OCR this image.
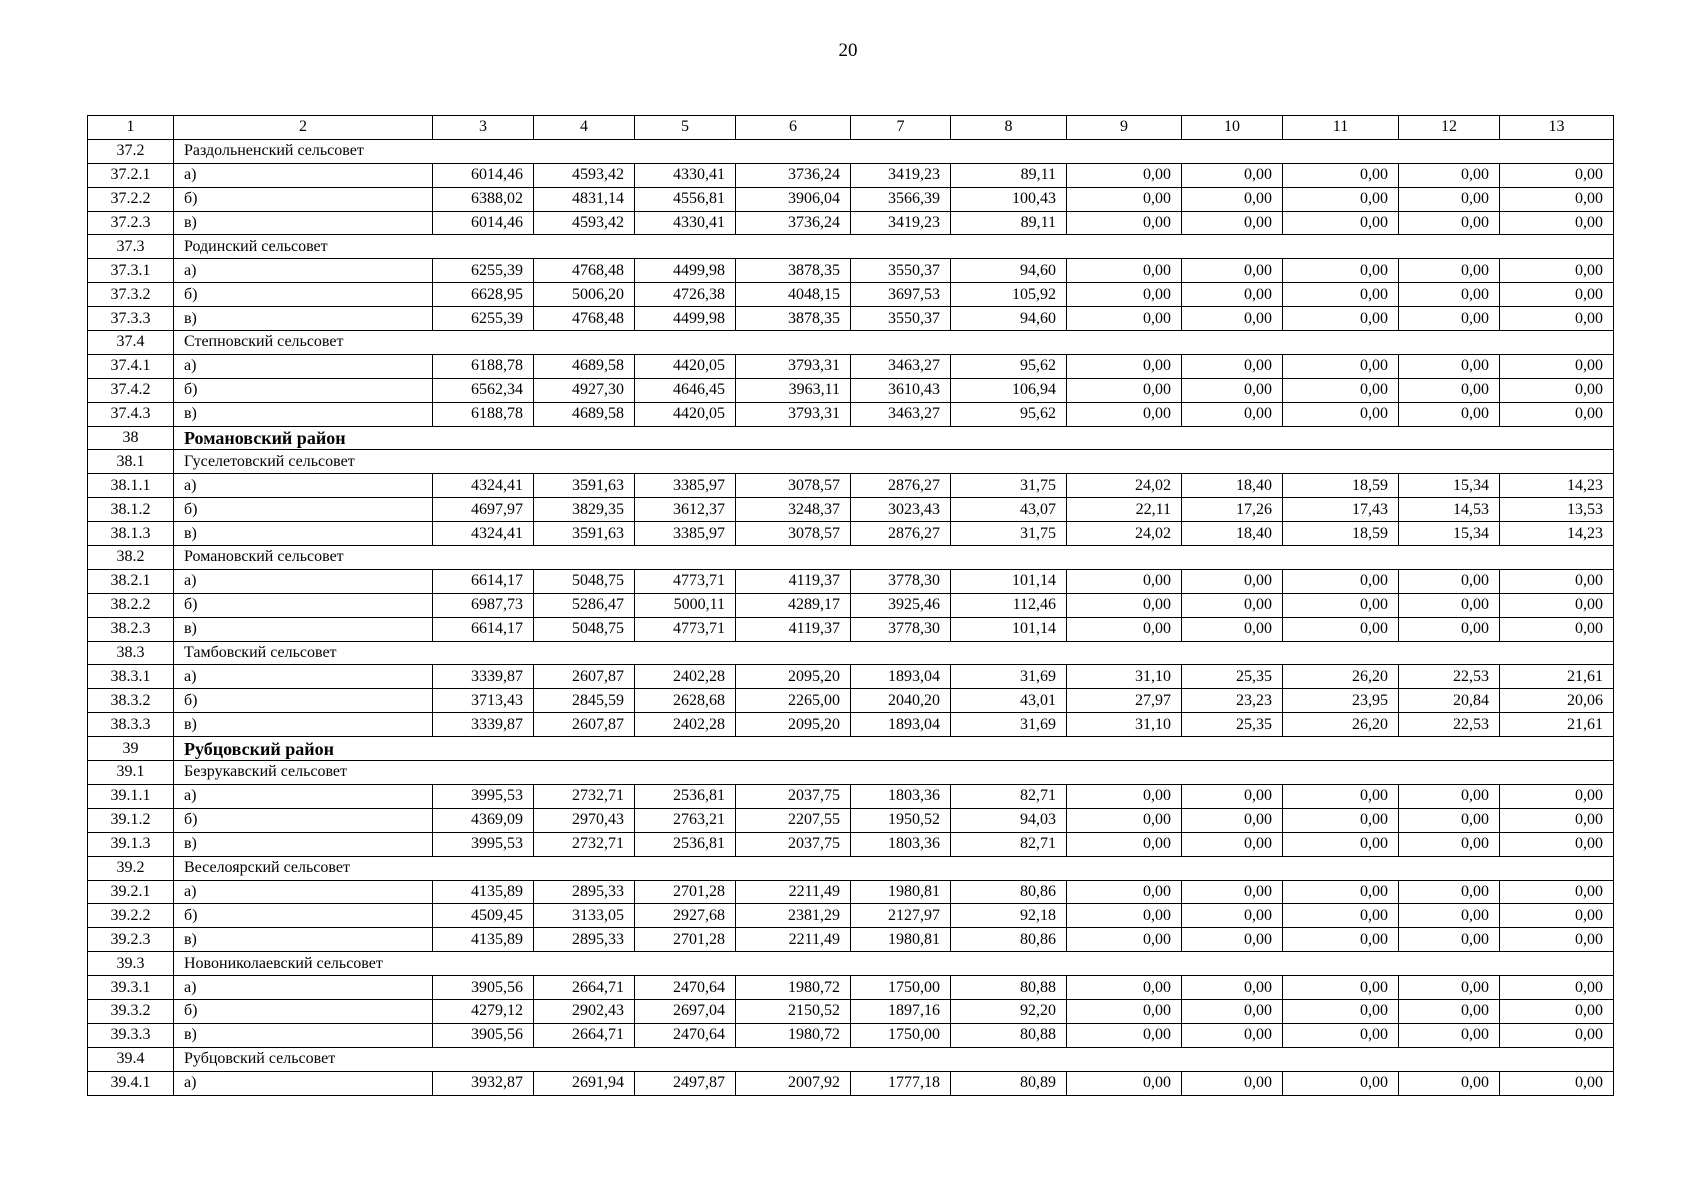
20
1	2	3	4	5	6	7	8	9	10	11	12	13
37.2	Раздольненский сельсовет											
37.2.1	а)	6014,46	4593,42	4330,41	3736,24	3419,23	89,11	0,00	0,00	0,00	0,00	0,00
37.2.2	б)	6388,02	4831,14	4556,81	3906,04	3566,39	100,43	0,00	0,00	0,00	0,00	0,00
37.2.3	в)	6014,46	4593,42	4330,41	3736,24	3419,23	89,11	0,00	0,00	0,00	0,00	0,00
37.3	Родинский сельсовет											
37.3.1	а)	6255,39	4768,48	4499,98	3878,35	3550,37	94,60	0,00	0,00	0,00	0,00	0,00
37.3.2	б)	6628,95	5006,20	4726,38	4048,15	3697,53	105,92	0,00	0,00	0,00	0,00	0,00
37.3.3	в)	6255,39	4768,48	4499,98	3878,35	3550,37	94,60	0,00	0,00	0,00	0,00	0,00
37.4	Степновский сельсовет											
37.4.1	а)	6188,78	4689,58	4420,05	3793,31	3463,27	95,62	0,00	0,00	0,00	0,00	0,00
37.4.2	б)	6562,34	4927,30	4646,45	3963,11	3610,43	106,94	0,00	0,00	0,00	0,00	0,00
37.4.3	в)	6188,78	4689,58	4420,05	3793,31	3463,27	95,62	0,00	0,00	0,00	0,00	0,00
38	Романовский район											
38.1	Гуселетовский сельсовет											
38.1.1	а)	4324,41	3591,63	3385,97	3078,57	2876,27	31,75	24,02	18,40	18,59	15,34	14,23
38.1.2	б)	4697,97	3829,35	3612,37	3248,37	3023,43	43,07	22,11	17,26	17,43	14,53	13,53
38.1.3	в)	4324,41	3591,63	3385,97	3078,57	2876,27	31,75	24,02	18,40	18,59	15,34	14,23
38.2	Романовский сельсовет											
38.2.1	а)	6614,17	5048,75	4773,71	4119,37	3778,30	101,14	0,00	0,00	0,00	0,00	0,00
38.2.2	б)	6987,73	5286,47	5000,11	4289,17	3925,46	112,46	0,00	0,00	0,00	0,00	0,00
38.2.3	в)	6614,17	5048,75	4773,71	4119,37	3778,30	101,14	0,00	0,00	0,00	0,00	0,00
38.3	Тамбовский сельсовет											
38.3.1	а)	3339,87	2607,87	2402,28	2095,20	1893,04	31,69	31,10	25,35	26,20	22,53	21,61
38.3.2	б)	3713,43	2845,59	2628,68	2265,00	2040,20	43,01	27,97	23,23	23,95	20,84	20,06
38.3.3	в)	3339,87	2607,87	2402,28	2095,20	1893,04	31,69	31,10	25,35	26,20	22,53	21,61
39	Рубцовский район											
39.1	Безрукавский сельсовет											
39.1.1	а)	3995,53	2732,71	2536,81	2037,75	1803,36	82,71	0,00	0,00	0,00	0,00	0,00
39.1.2	б)	4369,09	2970,43	2763,21	2207,55	1950,52	94,03	0,00	0,00	0,00	0,00	0,00
39.1.3	в)	3995,53	2732,71	2536,81	2037,75	1803,36	82,71	0,00	0,00	0,00	0,00	0,00
39.2	Веселоярский сельсовет											
39.2.1	а)	4135,89	2895,33	2701,28	2211,49	1980,81	80,86	0,00	0,00	0,00	0,00	0,00
39.2.2	б)	4509,45	3133,05	2927,68	2381,29	2127,97	92,18	0,00	0,00	0,00	0,00	0,00
39.2.3	в)	4135,89	2895,33	2701,28	2211,49	1980,81	80,86	0,00	0,00	0,00	0,00	0,00
39.3	Новониколаевский сельсовет											
39.3.1	а)	3905,56	2664,71	2470,64	1980,72	1750,00	80,88	0,00	0,00	0,00	0,00	0,00
39.3.2	б)	4279,12	2902,43	2697,04	2150,52	1897,16	92,20	0,00	0,00	0,00	0,00	0,00
39.3.3	в)	3905,56	2664,71	2470,64	1980,72	1750,00	80,88	0,00	0,00	0,00	0,00	0,00
39.4	Рубцовский сельсовет											
39.4.1	а)	3932,87	2691,94	2497,87	2007,92	1777,18	80,89	0,00	0,00	0,00	0,00	0,00
